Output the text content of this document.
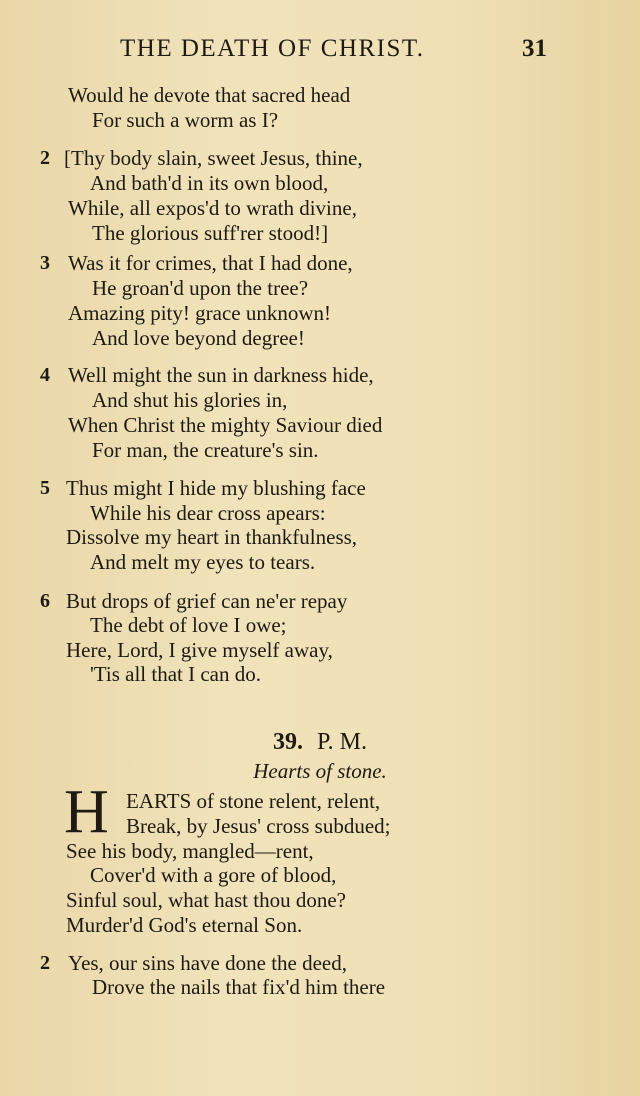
THE DEATH OF CHRIST.	31
Would he devote that sacred head
For such a worm as I?
2 [Thy body slain, sweet Jesus, thine,
And bath'd in its own blood,
While, all expos'd to wrath divine,
The glorious suff'rer stood!]
3 Was it for crimes, that I had done,
He groan'd upon the tree?
Amazing pity! grace unknown!
And love beyond degree!
4 Well might the sun in darkness hide,
And shut his glories in,
When Christ the mighty Saviour died
For man, the creature's sin.
5 Thus might I hide my blushing face
While his dear cross apears:
Dissolve my heart in thankfulness,
And melt my eyes to tears.
6 But drops of grief can ne'er repay
The debt of love I owe;
Here, Lord, I give myself away,
'Tis all that I can do.
39. P. M.
Hearts of stone.
H EARTS of stone relent, relent,
Break, by Jesus' cross subdued;
See his body, mangled—rent,
Cover'd with a gore of blood,
Sinful soul, what hast thou done?
Murder'd God's eternal Son.
2 Yes, our sins have done the deed,
Drove the nails that fix'd him there
